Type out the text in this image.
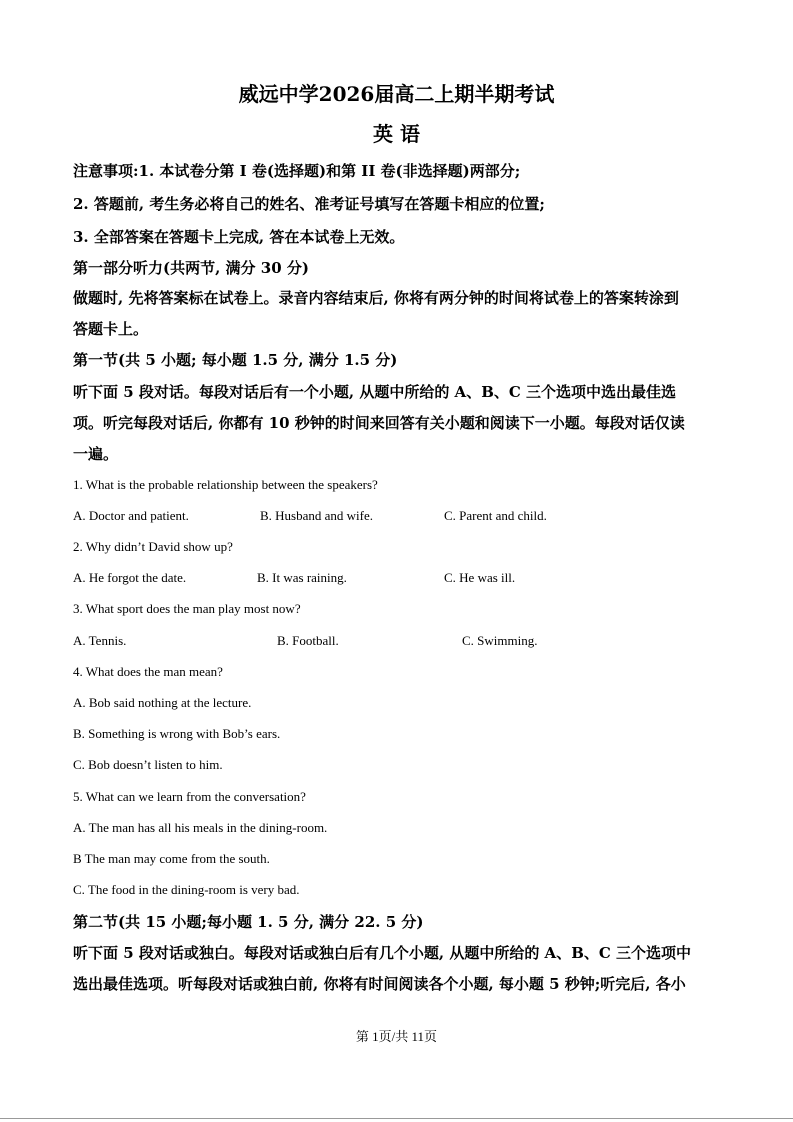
威远中学2026届高二上期半期考试
英 语
注意事项:1. 本试卷分第 I 卷(选择题)和第 II 卷(非选择题)两部分;
2. 答题前, 考生务必将自己的姓名、准考证号填写在答题卡相应的位置;
3. 全部答案在答题卡上完成, 答在本试卷上无效。
第一部分听力(共两节, 满分 30 分)
做题时, 先将答案标在试卷上。录音内容结束后, 你将有两分钟的时间将试卷上的答案转涂到
答题卡上。
第一节(共 5 小题; 每小题 1.5 分, 满分 1.5 分)
听下面 5 段对话。每段对话后有一个小题, 从题中所给的 A、B、C 三个选项中选出最佳选
项。听完每段对话后, 你都有 10 秒钟的时间来回答有关小题和阅读下一小题。每段对话仅读
一遍。
1. What is the probable relationship between the speakers?
A. Doctor and patient.	B. Husband and wife.	C. Parent and child.
2. Why didn’t David show up?
A. He forgot the date.	B. It was raining.	C. He was ill.
3. What sport does the man play most now?
A. Tennis.	B. Football.	C. Swimming.
4. What does the man mean?
A. Bob said nothing at the lecture.
B. Something is wrong with Bob’s ears.
C. Bob doesn’t listen to him.
5. What can we learn from the conversation?
A. The man has all his meals in the dining-room.
B The man may come from the south.
C. The food in the dining-room is very bad.
第二节(共 15 小题;每小题 1. 5 分, 满分 22. 5 分)
听下面 5 段对话或独白。每段对话或独白后有几个小题, 从题中所给的 A、B、C 三个选项中
选出最佳选项。听每段对话或独白前, 你将有时间阅读各个小题, 每小题 5 秒钟;听完后, 各小
第 1页/共 11页
